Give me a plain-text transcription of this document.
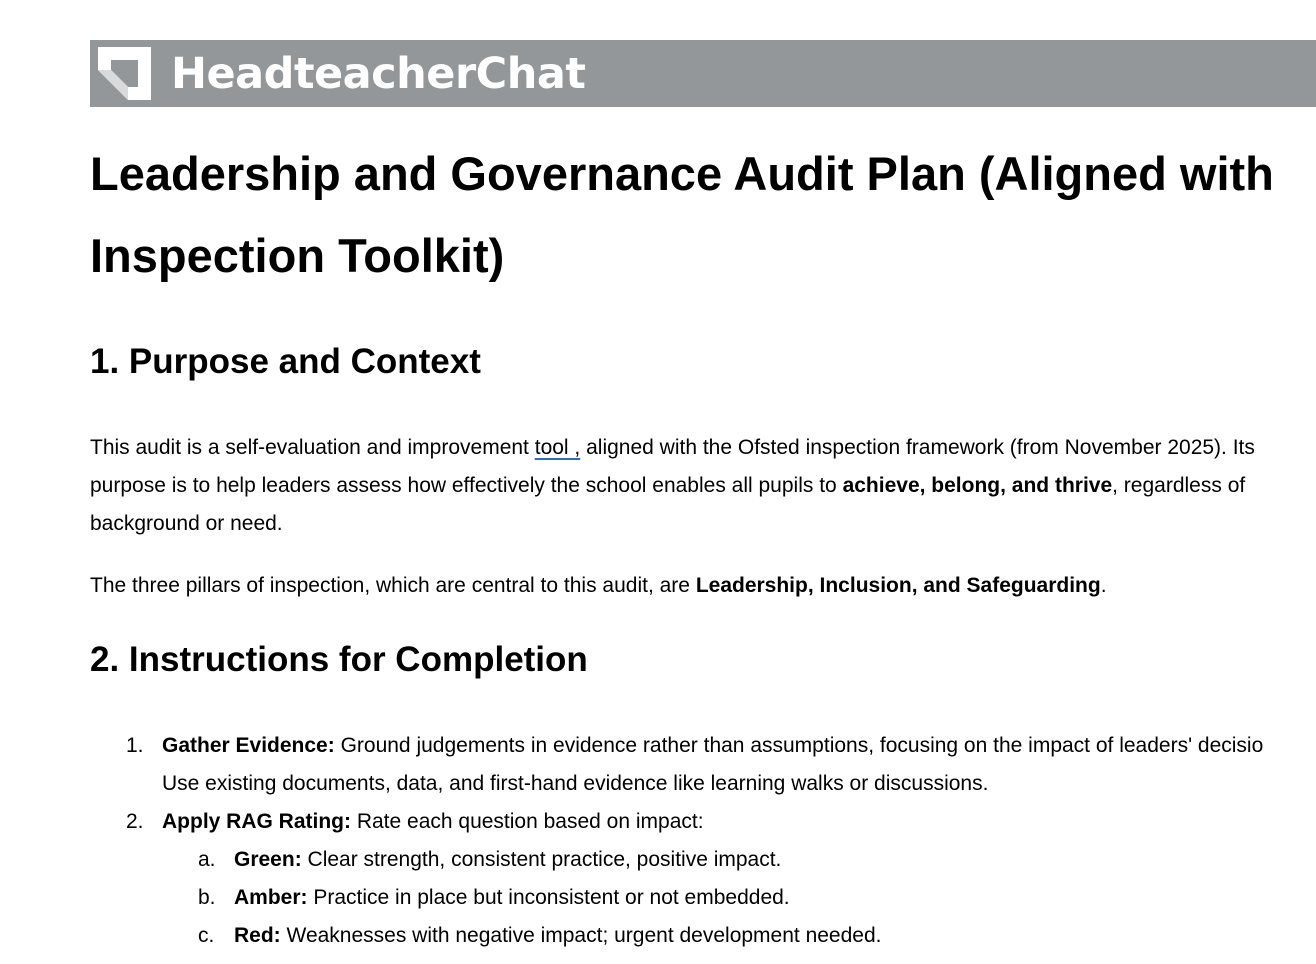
HeadteacherChat
Leadership and Governance Audit Plan (Aligned with
Inspection Toolkit)
1. Purpose and Context
This audit is a self-evaluation and improvement tool , aligned with the Ofsted inspection framework (from November 2025). Its
purpose is to help leaders assess how effectively the school enables all pupils to achieve, belong, and thrive, regardless of
background or need.
The three pillars of inspection, which are central to this audit, are Leadership, Inclusion, and Safeguarding.
2. Instructions for Completion
1. Gather Evidence: Ground judgements in evidence rather than assumptions, focusing on the impact of leaders' decisio
Use existing documents, data, and first-hand evidence like learning walks or discussions.
2. Apply RAG Rating: Rate each question based on impact:
a. Green: Clear strength, consistent practice, positive impact.
b. Amber: Practice in place but inconsistent or not embedded.
c. Red: Weaknesses with negative impact; urgent development needed.
